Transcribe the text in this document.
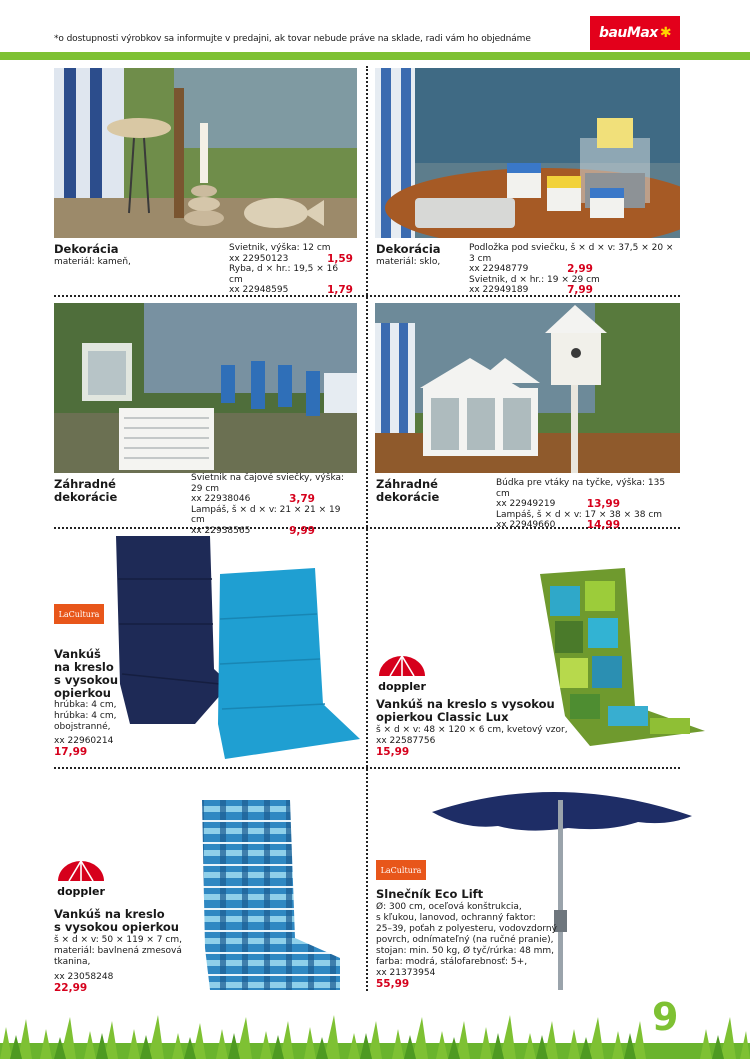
*o dostupnosti výrobkov sa informujte v predajni, ak tovar nebude práve na sklade, radi vám ho objednáme	bauMax ✱
Dekorácia
materiál: kameň,
Svietnik, výška: 12 cm
xx 22950123	1,59
Ryba, d × hr.: 19,5 × 16 cm
xx 22948595	1,79
Dekorácia
materiál: sklo,
Podložka pod sviečku, š × d × v: 37,5 × 20 × 3 cm
xx 22948779	2,99
Svietnik, d × hr.: 19 × 29 cm
xx 22949189	7,99
Záhradné
dekorácie
Svietnik na čajové sviečky, výška:
29 cm
xx 22938046	3,79
Lampáš, š × d × v: 21 × 21 × 19 cm
xx 22938565	9,99
Záhradné
dekorácie
Búdka pre vtáky na tyčke, výška: 135 cm
xx 22949219	13,99
Lampáš, š × d × v: 17 × 38 × 38 cm
xx 22949660	14,99
LaCultura
Vankúš
na kreslo
s vysokou
opierkou
hrúbka: 4 cm,
hrúbka: 4 cm,
obojstranné,
xx 22960214
17,99
doppler
Vankúš na kreslo s vysokou
opierkou Classic Lux
š × d × v: 48 × 120 × 6 cm, kvetový vzor,
xx 22587756
15,99
doppler
Vankúš na kreslo
s vysokou opierkou
š × d × v: 50 × 119 × 7 cm,
materiál: bavlnená zmesová
tkanina,
xx 23058248
22,99
LaCultura
Slnečník Eco Lift
Ø: 300 cm, oceľová konštrukcia,
s kľukou, lanovod, ochranný faktor:
25–39, poťah z polyesteru, vodovzdorný
povrch, odnímateľný (na ručné pranie),
stojan: min. 50 kg, Ø tyč/rúrka: 48 mm,
farba: modrá, stálofarebnosť: 5+,
xx 21373954
55,99
9
